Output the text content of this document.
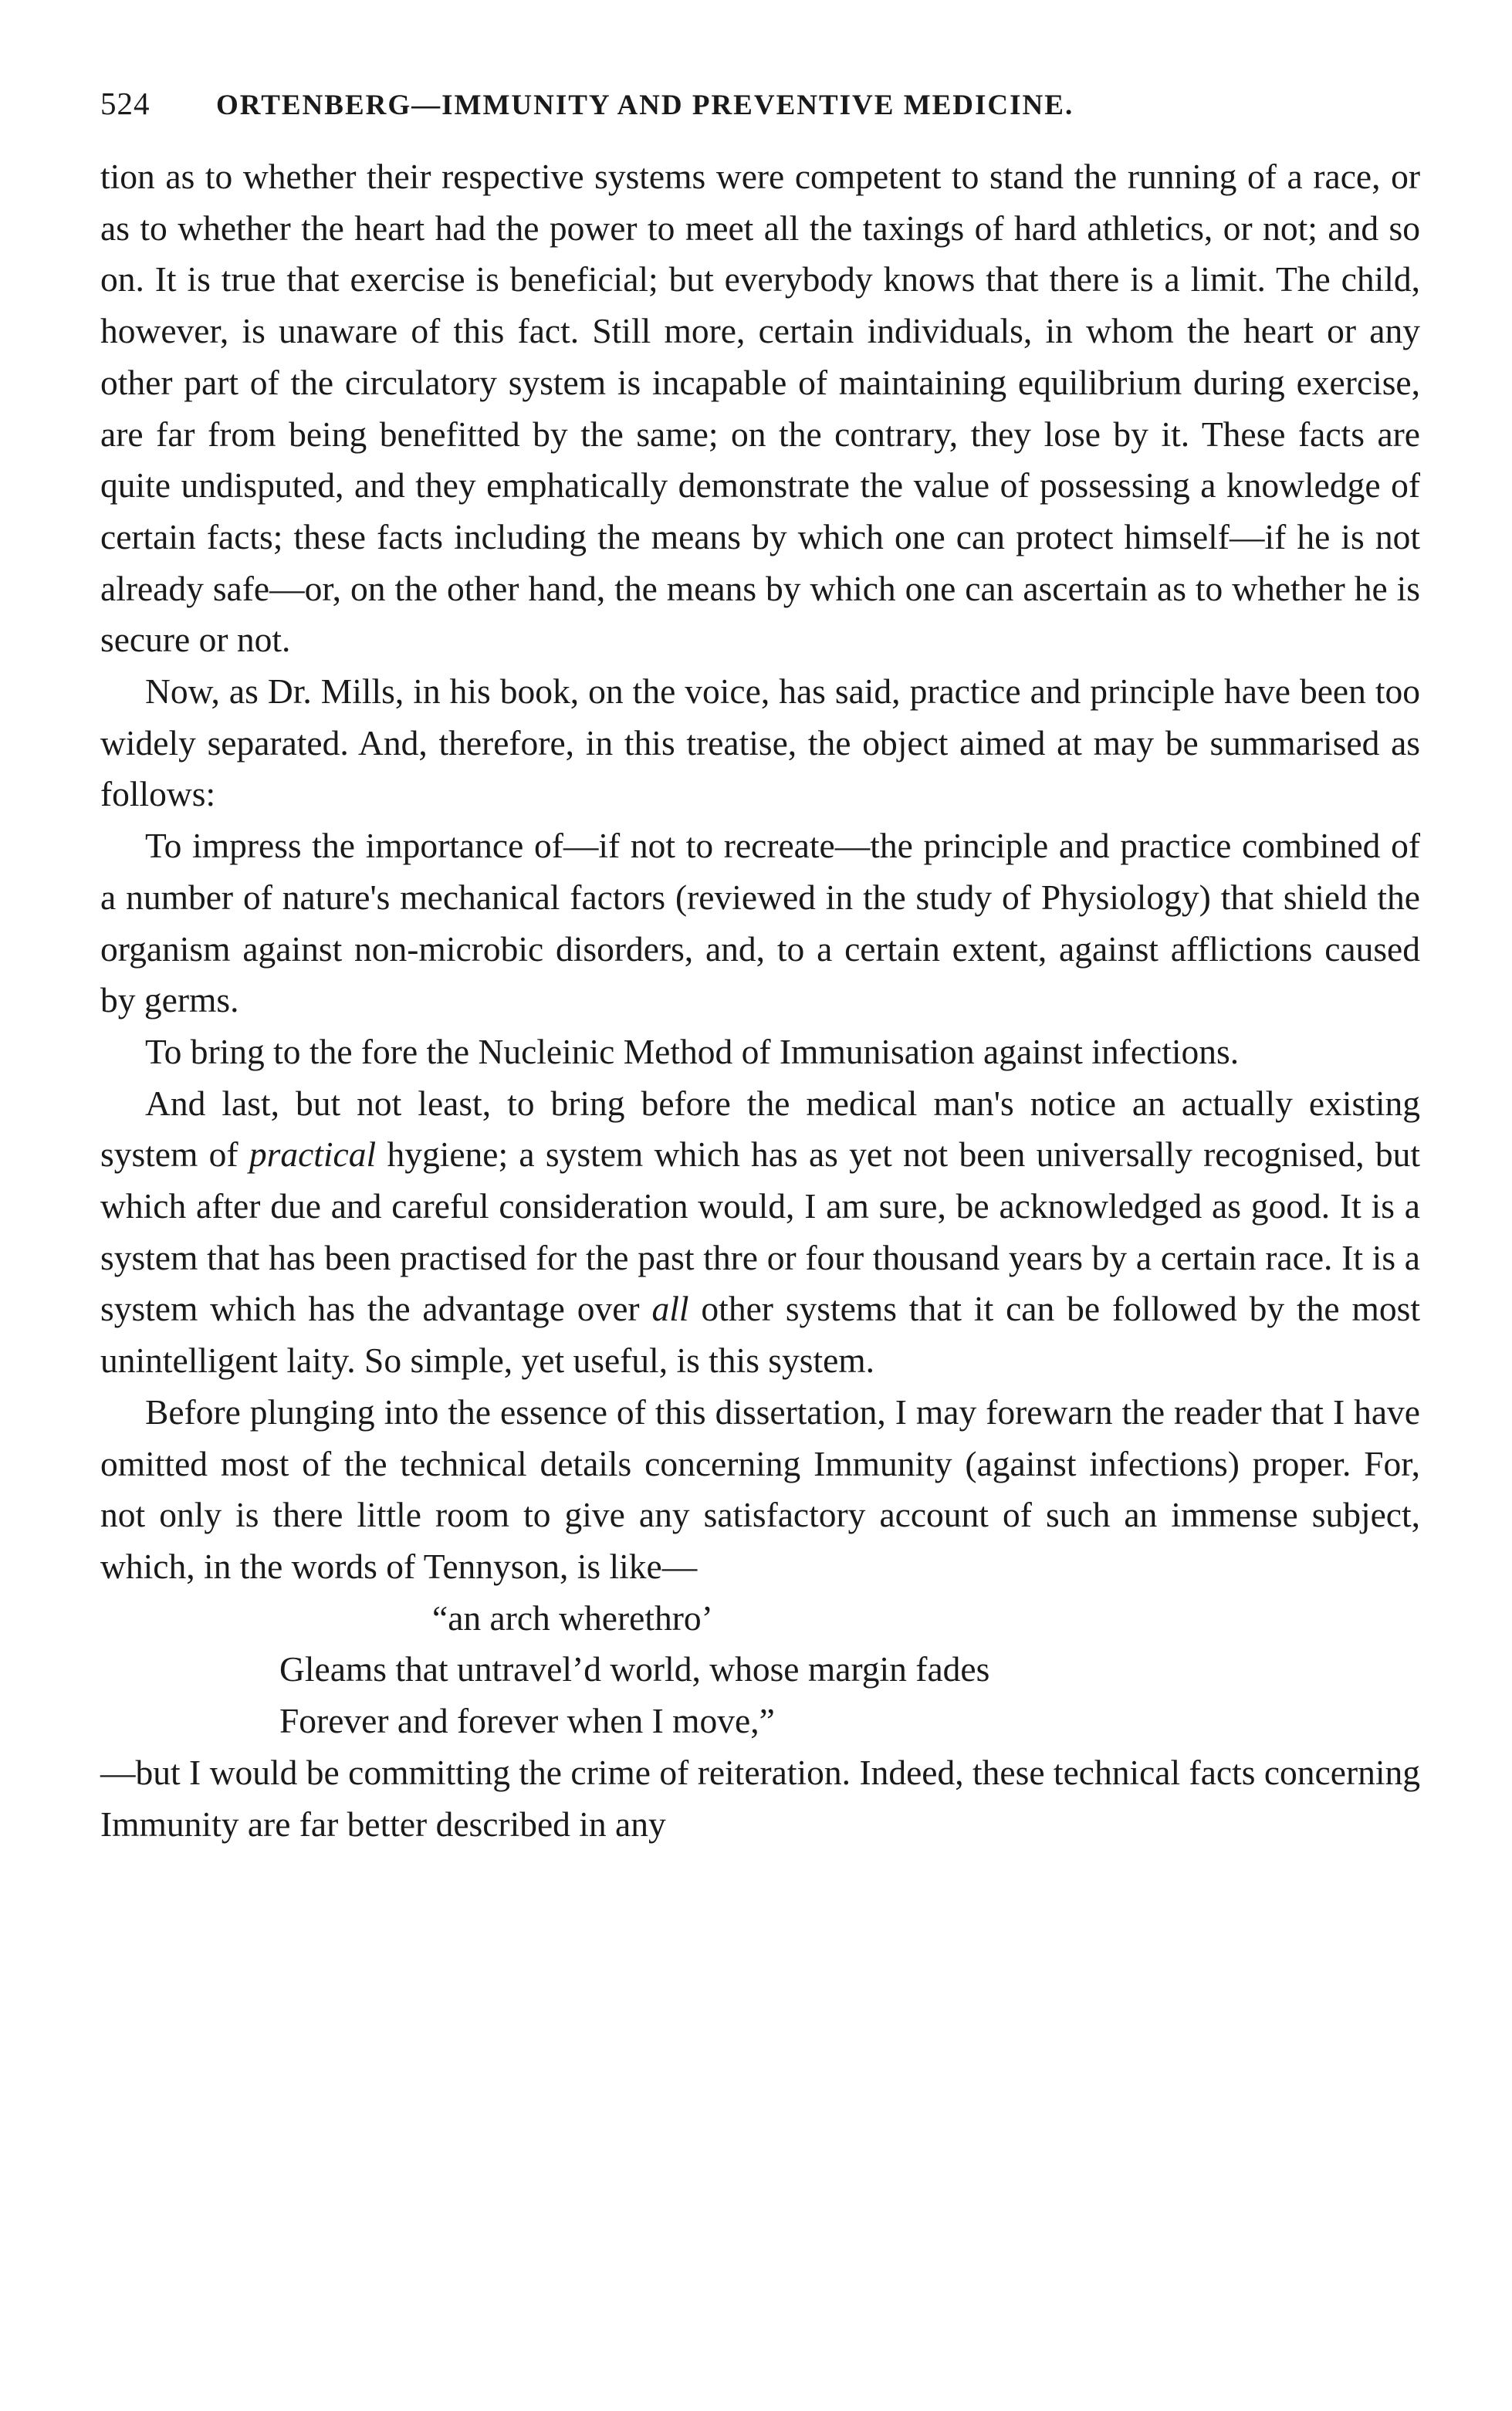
524	ORTENBERG—IMMUNITY AND PREVENTIVE MEDICINE.

tion as to whether their respective systems were competent to stand the running of a race, or as to whether the heart had the power to meet all the taxings of hard athletics, or not; and so on. It is true that exercise is beneficial; but everybody knows that there is a limit. The child, however, is unaware of this fact. Still more, certain individuals, in whom the heart or any other part of the circulatory system is incapable of maintaining equilibrium during exercise, are far from being benefitted by the same; on the contrary, they lose by it. These facts are quite undisputed, and they emphatically demonstrate the value of possessing a knowledge of certain facts; these facts including the means by which one can protect himself—if he is not already safe—or, on the other hand, the means by which one can ascertain as to whether he is secure or not.

Now, as Dr. Mills, in his book, on the voice, has said, practice and principle have been too widely separated. And, therefore, in this treatise, the object aimed at may be summarised as follows:

To impress the importance of—if not to recreate—the principle and practice combined of a number of nature's mechanical factors (reviewed in the study of Physiology) that shield the organism against non-microbic disorders, and, to a certain extent, against afflictions caused by germs.

To bring to the fore the Nucleinic Method of Immunisation against infections.

And last, but not least, to bring before the medical man's notice an actually existing system of practical hygiene; a system which has as yet not been universally recognised, but which after due and careful consideration would, I am sure, be acknowledged as good. It is a system that has been practised for the past thre or four thousand years by a certain race. It is a system which has the advantage over all other systems that it can be followed by the most unintelligent laity. So simple, yet useful, is this system.

Before plunging into the essence of this dissertation, I may forewarn the reader that I have omitted most of the technical details concerning Immunity (against infections) proper. For, not only is there little room to give any satisfactory account of such an immense subject, which, in the words of Tennyson, is like—

“an arch wherethro’
Gleams that untravel’d world, whose margin fades
Forever and forever when I move,”

—but I would be committing the crime of reiteration. Indeed, these technical facts concerning Immunity are far better described in any
